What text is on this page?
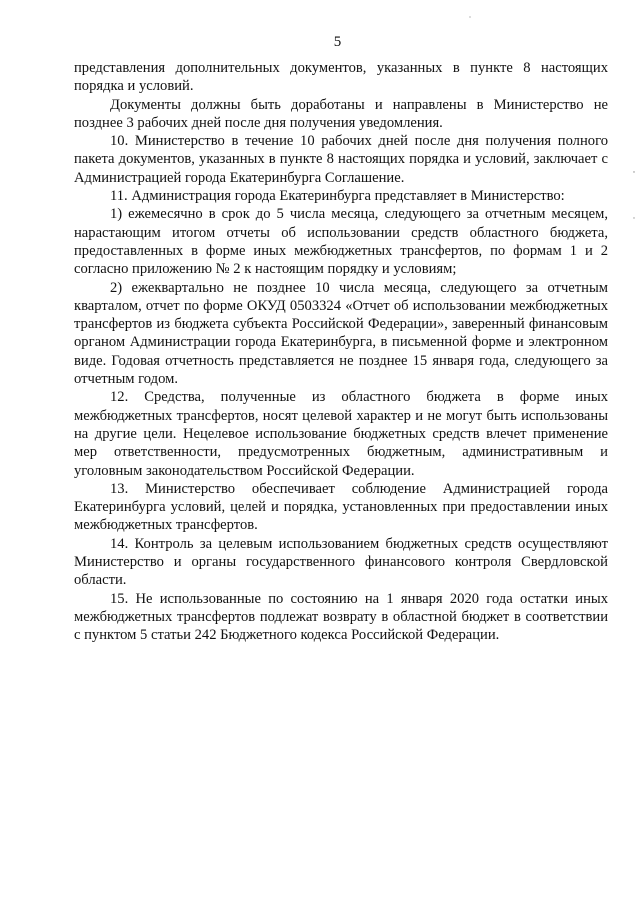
5

представления дополнительных документов, указанных в пункте 8 настоящих порядка и условий.

Документы должны быть доработаны и направлены в Министерство не позднее 3 рабочих дней после дня получения уведомления.

10. Министерство в течение 10 рабочих дней после дня получения полного пакета документов, указанных в пункте 8 настоящих порядка и условий, заключает с Администрацией города Екатеринбурга Соглашение.

11. Администрация города Екатеринбурга представляет в Министерство:

1) ежемесячно в срок до 5 числа месяца, следующего за отчетным месяцем, нарастающим итогом отчеты об использовании средств областного бюджета, предоставленных в форме иных межбюджетных трансфертов, по формам 1 и 2 согласно приложению № 2 к настоящим порядку и условиям;

2) ежеквартально не позднее 10 числа месяца, следующего за отчетным кварталом, отчет по форме ОКУД 0503324 «Отчет об использовании межбюджетных трансфертов из бюджета субъекта Российской Федерации», заверенный финансовым органом Администрации города Екатеринбурга, в письменной форме и электронном виде. Годовая отчетность представляется не позднее 15 января года, следующего за отчетным годом.

12. Средства, полученные из областного бюджета в форме иных межбюджетных трансфертов, носят целевой характер и не могут быть использованы на другие цели. Нецелевое использование бюджетных средств влечет применение мер ответственности, предусмотренных бюджетным, административным и уголовным законодательством Российской Федерации.

13. Министерство обеспечивает соблюдение Администрацией города Екатеринбурга условий, целей и порядка, установленных при предоставлении иных межбюджетных трансфертов.

14. Контроль за целевым использованием бюджетных средств осуществляют Министерство и органы государственного финансового контроля Свердловской области.

15. Не использованные по состоянию на 1 января 2020 года остатки иных межбюджетных трансфертов подлежат возврату в областной бюджет в соответствии с пунктом 5 статьи 242 Бюджетного кодекса Российской Федерации.
